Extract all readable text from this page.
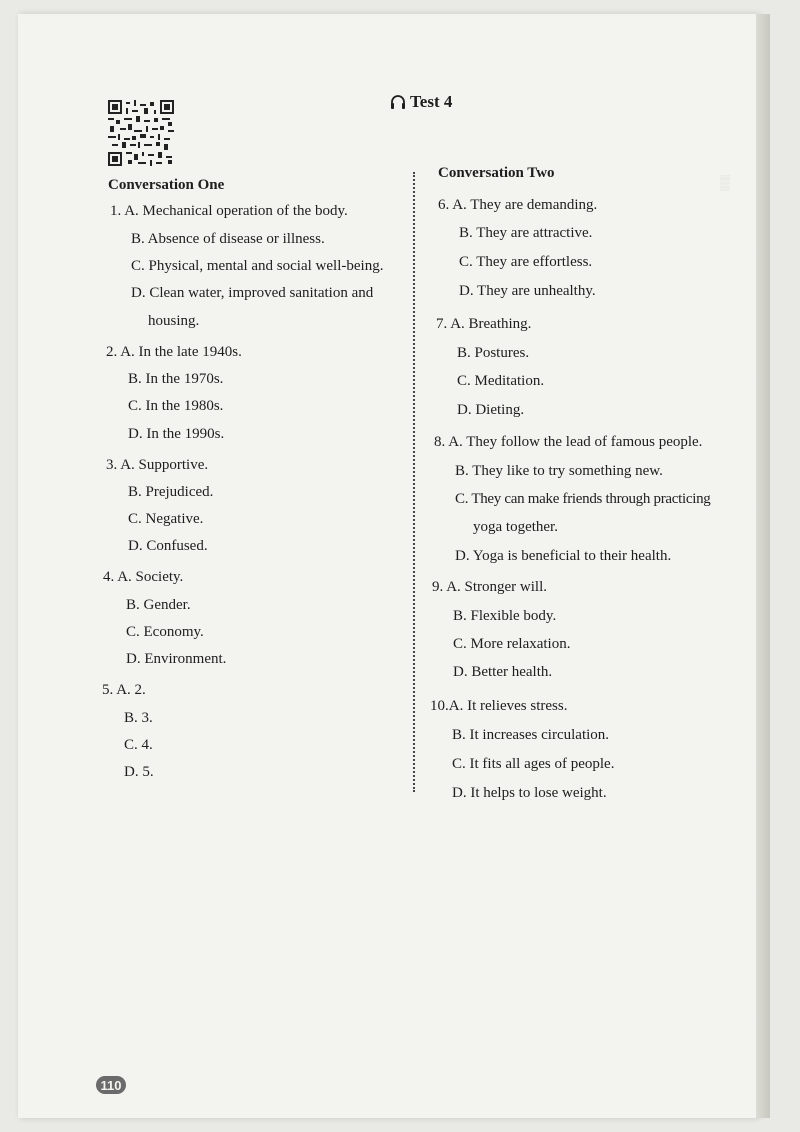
▒
Test 4
Conversation One
1. A. Mechanical operation of the body.
B. Absence of disease or illness.
C. Physical, mental and social well-being.
D. Clean water, improved sanitation and
housing.
2. A. In the late 1940s.
B. In the 1970s.
C. In the 1980s.
D. In the 1990s.
3. A. Supportive.
B. Prejudiced.
C. Negative.
D. Confused.
4. A. Society.
B. Gender.
C. Economy.
D. Environment.
5. A. 2.
B. 3.
C. 4.
D. 5.
Conversation Two
6. A. They are demanding.
B. They are attractive.
C. They are effortless.
D. They are unhealthy.
7. A. Breathing.
B. Postures.
C. Meditation.
D. Dieting.
8. A. They follow the lead of famous people.
B. They like to try something new.
C. They can make friends through practicing
yoga together.
D. Yoga is beneficial to their health.
9. A. Stronger will.
B. Flexible body.
C. More relaxation.
D. Better health.
10.A. It relieves stress.
B. It increases circulation.
C. It fits all ages of people.
D. It helps to lose weight.
110
